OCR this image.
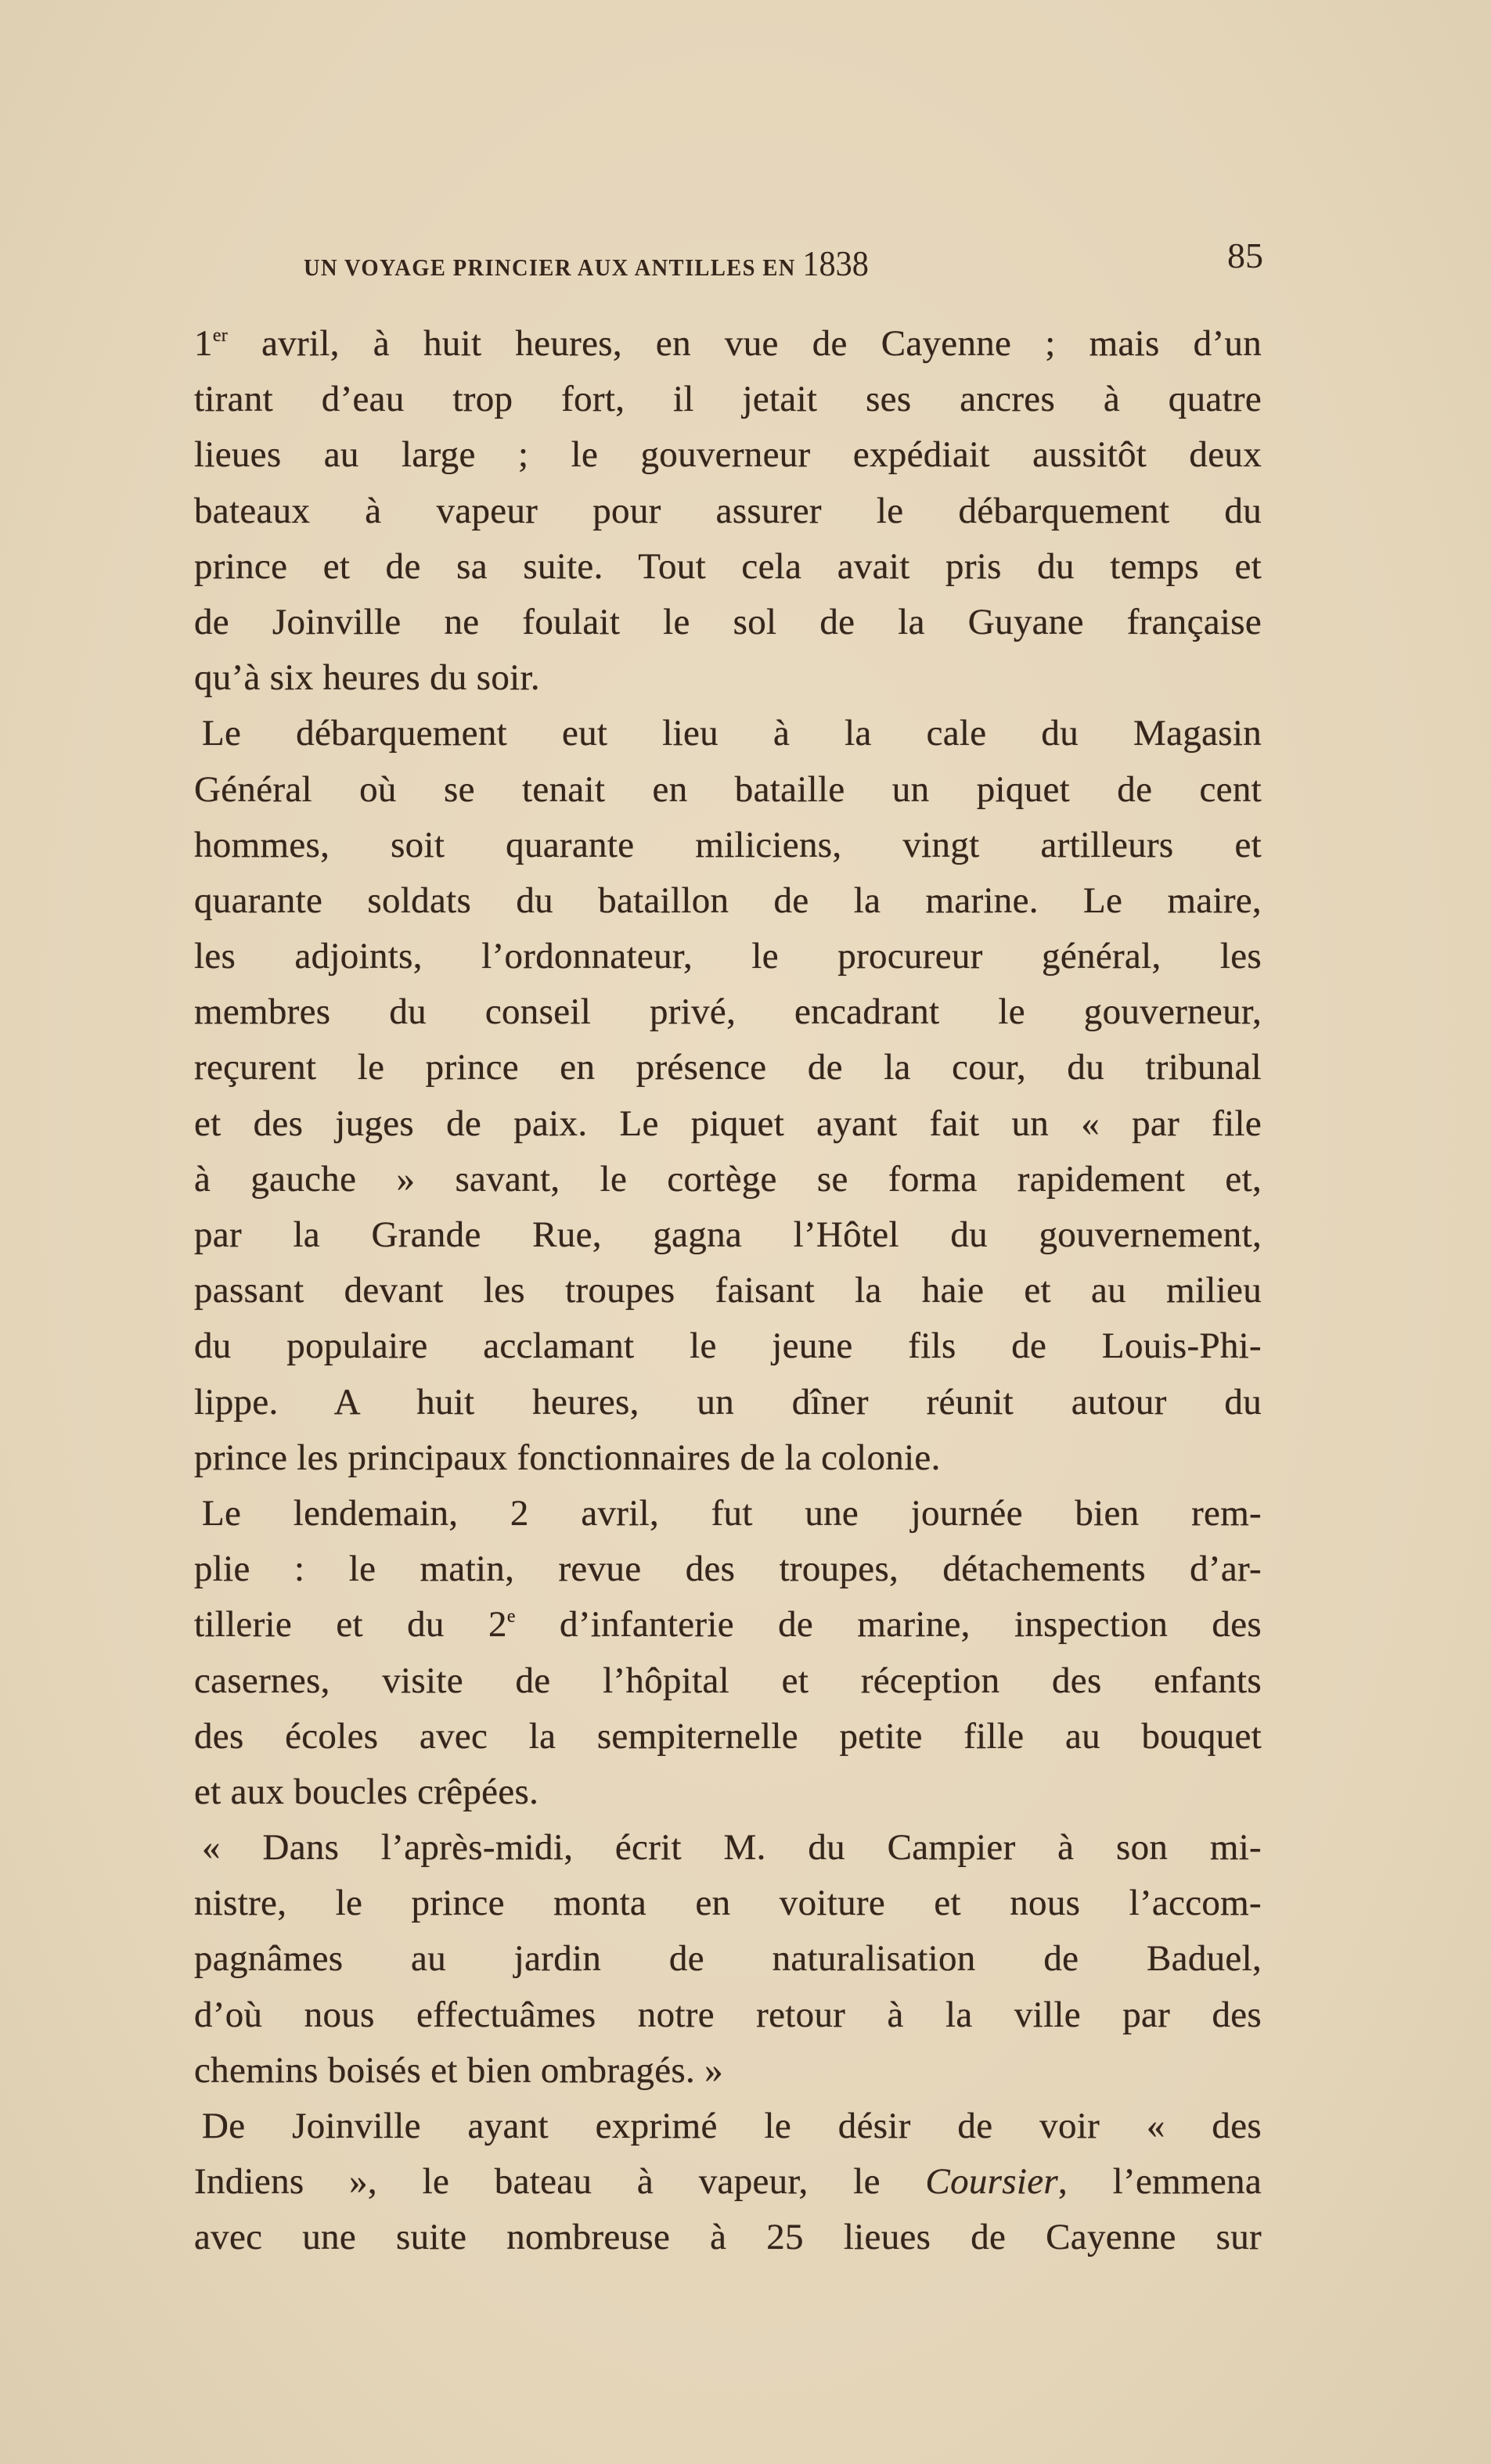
UN VOYAGE PRINCIER AUX ANTILLES EN 1838	85
1er avril, à huit heures, en vue de Cayenne ; mais d’un
tirant d’eau trop fort, il jetait ses ancres à quatre
lieues au large ; le gouverneur expédiait aussitôt deux
bateaux à vapeur pour assurer le débarquement du
prince et de sa suite. Tout cela avait pris du temps et
de Joinville ne foulait le sol de la Guyane française
qu’à six heures du soir.
Le débarquement eut lieu à la cale du Magasin
Général où se tenait en bataille un piquet de cent
hommes, soit quarante miliciens, vingt artilleurs et
quarante soldats du bataillon de la marine. Le maire,
les adjoints, l’ordonnateur, le procureur général, les
membres du conseil privé, encadrant le gouverneur,
reçurent le prince en présence de la cour, du tribunal
et des juges de paix. Le piquet ayant fait un « par file
à gauche » savant, le cortège se forma rapidement et,
par la Grande Rue, gagna l’Hôtel du gouvernement,
passant devant les troupes faisant la haie et au milieu
du populaire acclamant le jeune fils de Louis-Phi-
lippe. A huit heures, un dîner réunit autour du
prince les principaux fonctionnaires de la colonie.
Le lendemain, 2 avril, fut une journée bien rem-
plie : le matin, revue des troupes, détachements d’ar-
tillerie et du 2e d’infanterie de marine, inspection des
casernes, visite de l’hôpital et réception des enfants
des écoles avec la sempiternelle petite fille au bouquet
et aux boucles crêpées.
« Dans l’après-midi, écrit M. du Campier à son mi-
nistre, le prince monta en voiture et nous l’accom-
pagnâmes au jardin de naturalisation de Baduel,
d’où nous effectuâmes notre retour à la ville par des
chemins boisés et bien ombragés. »
De Joinville ayant exprimé le désir de voir « des
Indiens », le bateau à vapeur, le Coursier, l’emmena
avec une suite nombreuse à 25 lieues de Cayenne sur
